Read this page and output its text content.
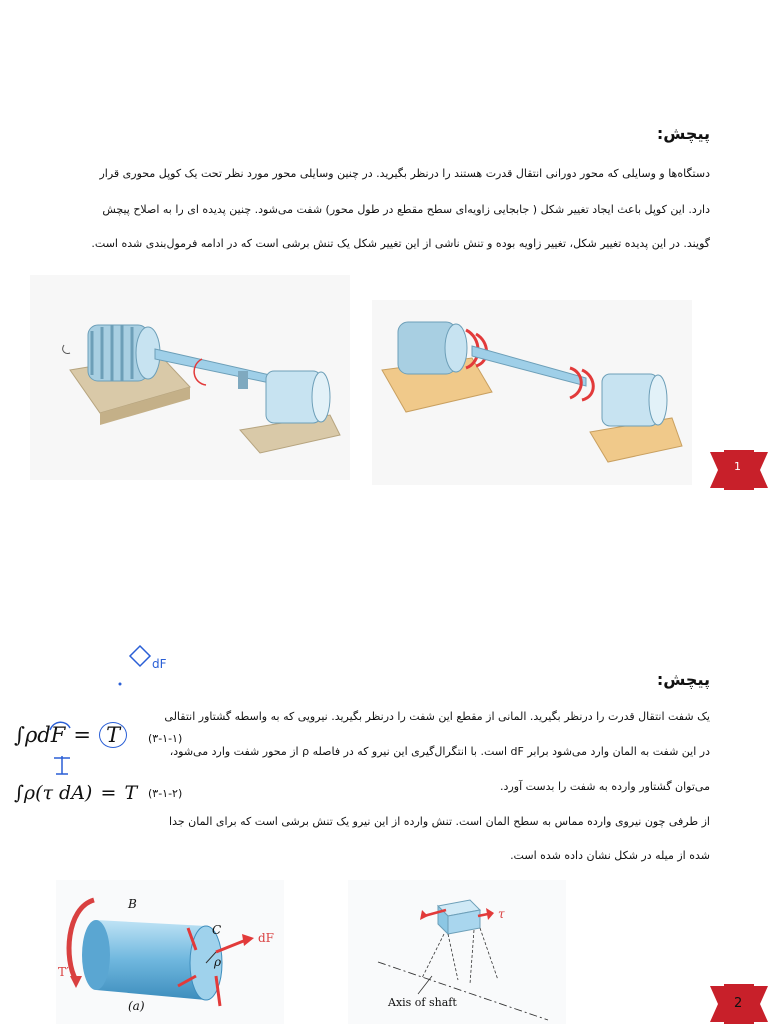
پیچش:
دستگاه‌ها و وسایلی که محور دورانی انتقال قدرت هستند را درنظر بگیرید. در چنین وسایلی محور مورد نظر تحت یک کوپل محوری قرار
دارد. این کوپل باعث ایجاد تغییر شکل ( جابجایی زاویه‌ای سطح مقطع در طول محور) شفت می‌شود. چنین پدیده ای را به اصلاح پیچش
گویند. در این پدیده تغییر شکل، تغییر زاویه بوده و تنش ناشی از این تغییر شکل یک تنش برشی است که در ادامه فرمول‌بندی شده است.
1
dF
پیچش:
یک شفت انتقال قدرت را درنظر بگیرید. المانی از مقطع این شفت را درنظر بگیرید. نیرویی که به واسطه گشتاور انتقالی
در این شفت به المان وارد می‌شود برابر dF است. با انتگرال‌گیری این نیرو که در فاصله ρ از محور شفت وارد می‌شود،
می‌توان گشتاور وارده به شفت را بدست آورد.
از طرفی چون نیروی وارده مماس به سطح المان است. تنش وارده از این نیرو یک تنش برشی است که برای المان جدا
شده از میله در شکل نشان داده شده است.
∫ρdF = T	(۳-۱-۱)
∫ρ(τ dA) = T (۳-۱-۲)
B
C
dF
ρ
T′
(a)
τ
Axis of shaft	2
